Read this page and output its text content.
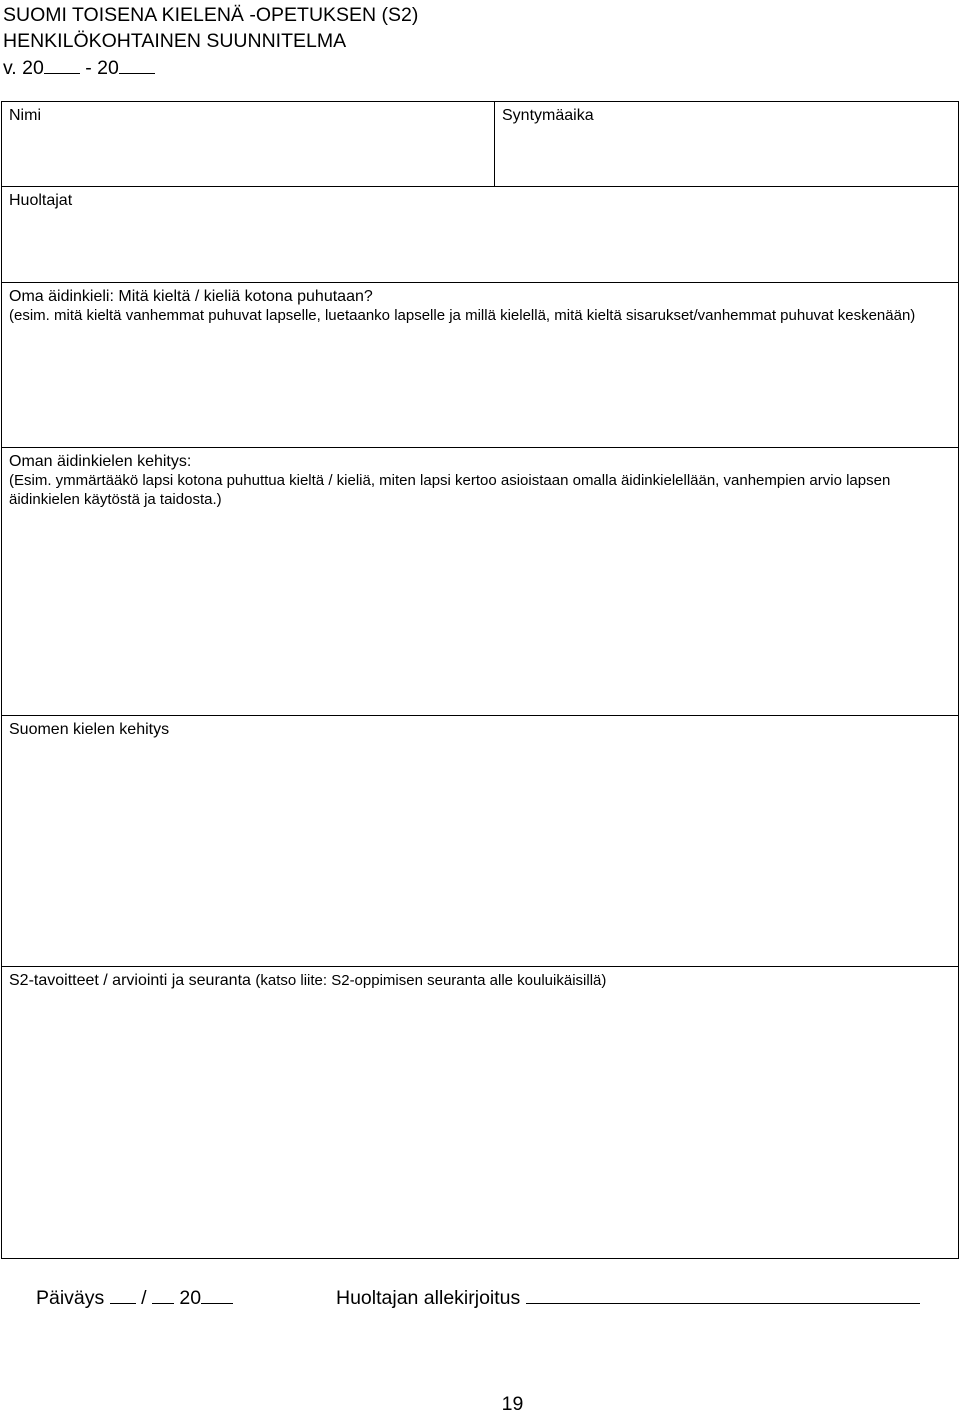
SUOMI TOISENA KIELENÄ -OPETUKSEN (S2)
HENKILÖKOHTAINEN SUUNNITELMA
v. 20 - 20
Nimi	Syntymäaika
Huoltajat
Oma äidinkieli: Mitä kieltä / kieliä kotona puhutaan?
(esim. mitä kieltä vanhemmat puhuvat lapselle, luetaanko lapselle ja millä kielellä, mitä kieltä sisarukset/vanhemmat puhuvat keskenään)
Oman äidinkielen kehitys:
(Esim. ymmärtääkö lapsi kotona puhuttua kieltä / kieliä, miten lapsi kertoo asioistaan omalla äidinkielellään, vanhempien arvio lapsen äidinkielen käytöstä ja taidosta.)
Suomen kielen kehitys
S2-tavoitteet / arviointi ja seuranta (katso liite: S2-oppimisen seuranta alle kouluikäisillä)
Päiväys / 20	Huoltajan allekirjoitus
19
